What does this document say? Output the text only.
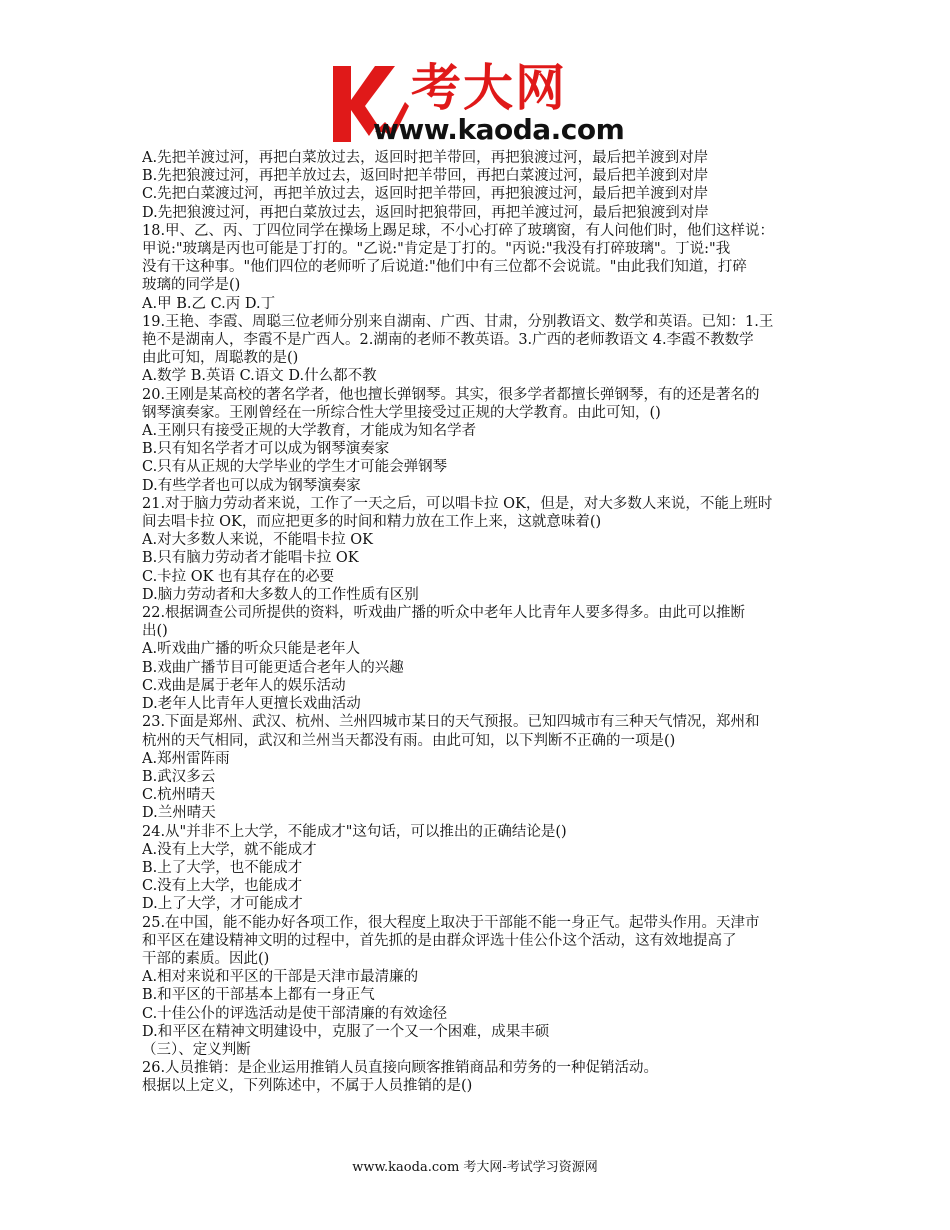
考大网
www.kaoda.com
A.先把羊渡过河，再把白菜放过去，返回时把羊带回，再把狼渡过河，最后把羊渡到对岸
B.先把狼渡过河，再把羊放过去，返回时把羊带回，再把白菜渡过河，最后把羊渡到对岸
C.先把白菜渡过河，再把羊放过去，返回时把羊带回，再把狼渡过河，最后把羊渡到对岸
D.先把狼渡过河，再把白菜放过去，返回时把狼带回，再把羊渡过河，最后把狼渡到对岸
18.甲、乙、丙、丁四位同学在操场上踢足球，不小心打碎了玻璃窗，有人问他们时，他们这样说：
甲说:"玻璃是丙也可能是丁打的。"乙说:"肯定是丁打的。"丙说:"我没有打碎玻璃"。丁说:"我
没有干这种事。"他们四位的老师听了后说道:"他们中有三位都不会说谎。"由此我们知道，打碎
玻璃的同学是()
A.甲 B.乙 C.丙 D.丁
19.王艳、李霞、周聪三位老师分别来自湖南、广西、甘肃，分别教语文、数学和英语。已知：1.王
艳不是湖南人，李霞不是广西人。2.湖南的老师不教英语。3.广西的老师教语文 4.李霞不教数学
由此可知，周聪教的是()
A.数学 B.英语 C.语文 D.什么都不教
20.王刚是某高校的著名学者，他也擅长弹钢琴。其实，很多学者都擅长弹钢琴，有的还是著名的
钢琴演奏家。王刚曾经在一所综合性大学里接受过正规的大学教育。由此可知，()
A.王刚只有接受正规的大学教育，才能成为知名学者
B.只有知名学者才可以成为钢琴演奏家
C.只有从正规的大学毕业的学生才可能会弹钢琴
D.有些学者也可以成为钢琴演奏家
21.对于脑力劳动者来说，工作了一天之后，可以唱卡拉 OK，但是，对大多数人来说，不能上班时
间去唱卡拉 OK，而应把更多的时间和精力放在工作上来，这就意味着()
A.对大多数人来说，不能唱卡拉 OK
B.只有脑力劳动者才能唱卡拉 OK
C.卡拉 OK 也有其存在的必要
D.脑力劳动者和大多数人的工作性质有区别
22.根据调查公司所提供的资料，听戏曲广播的听众中老年人比青年人要多得多。由此可以推断
出()
A.听戏曲广播的听众只能是老年人
B.戏曲广播节目可能更适合老年人的兴趣
C.戏曲是属于老年人的娱乐活动
D.老年人比青年人更擅长戏曲活动
23.下面是郑州、武汉、杭州、兰州四城市某日的天气预报。已知四城市有三种天气情况，郑州和
杭州的天气相同，武汉和兰州当天都没有雨。由此可知，以下判断不正确的一项是()
A.郑州雷阵雨
B.武汉多云
C.杭州晴天
D.兰州晴天
24.从"并非不上大学，不能成才"这句话，可以推出的正确结论是()
A.没有上大学，就不能成才
B.上了大学，也不能成才
C.没有上大学，也能成才
D.上了大学，才可能成才
25.在中国，能不能办好各项工作，很大程度上取决于干部能不能一身正气。起带头作用。天津市
和平区在建设精神文明的过程中，首先抓的是由群众评选十佳公仆这个活动，这有效地提高了
干部的素质。因此()
A.相对来说和平区的干部是天津市最清廉的
B.和平区的干部基本上都有一身正气
C.十佳公仆的评选活动是使干部清廉的有效途径
D.和平区在精神文明建设中，克服了一个又一个困难，成果丰硕
（三）、定义判断
26.人员推销：是企业运用推销人员直接向顾客推销商品和劳务的一种促销活动。
根据以上定义，下列陈述中，不属于人员推销的是()
www.kaoda.com 考大网-考试学习资源网
